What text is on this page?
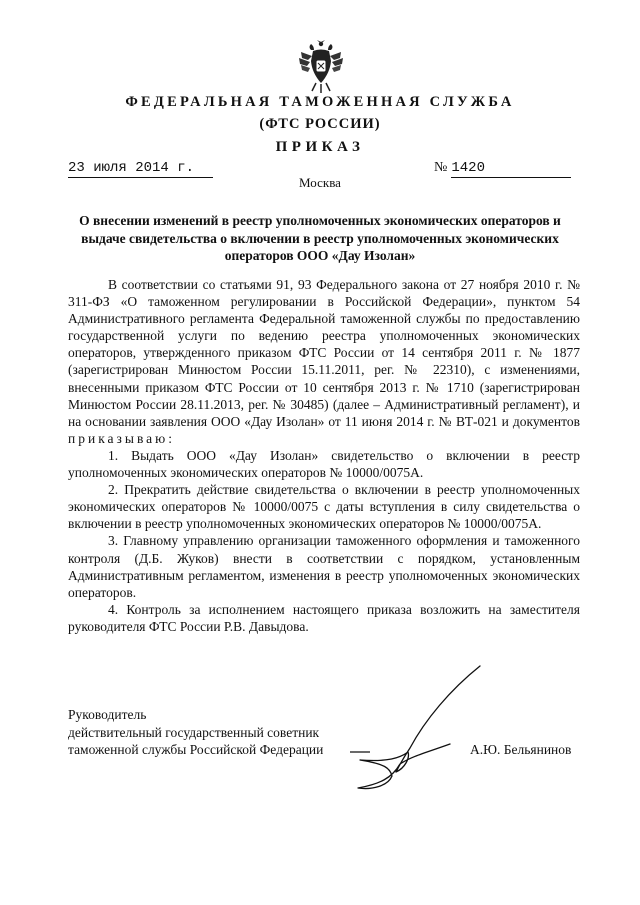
ФЕДЕРАЛЬНАЯ ТАМОЖЕННАЯ СЛУЖБА
(ФТС РОССИИ)
ПРИКАЗ
23 июля 2014 г.	№ 1420
Москва
О внесении изменений в реестр уполномоченных экономических операторов и выдаче свидетельства о включении в реестр уполномоченных экономических операторов ООО «Дау Изолан»

В соответствии со статьями 91, 93 Федерального закона от 27 ноября 2010 г. № 311-ФЗ «О таможенном регулировании в Российской Федерации», пунктом 54 Административного регламента Федеральной таможенной службы по предоставлению государственной услуги по ведению реестра уполномоченных экономических операторов, утвержденного приказом ФТС России от 14 сентября 2011 г. № 1877 (зарегистрирован Минюстом России 15.11.2011, рег. № 22310), с изменениями, внесенными приказом ФТС России от 10 сентября 2013 г. № 1710 (зарегистрирован Минюстом России 28.11.2013, рег. № 30485) (далее – Административный регламент), и на основании заявления ООО «Дау Изолан» от 11 июня 2014 г. № ВТ-021 и документов приказываю:

1. Выдать ООО «Дау Изолан» свидетельство о включении в реестр уполномоченных экономических операторов № 10000/0075А.

2. Прекратить действие свидетельства о включении в реестр уполномоченных экономических операторов № 10000/0075 с даты вступления в силу свидетельства о включении в реестр уполномоченных экономических операторов № 10000/0075А.

3. Главному управлению организации таможенного оформления и таможенного контроля (Д.Б. Жуков) внести в соответствии с порядком, установленным Административным регламентом, изменения в реестр уполномоченных экономических операторов.

4. Контроль за исполнением настоящего приказа возложить на заместителя руководителя ФТС России Р.В. Давыдова.

Руководитель
действительный государственный советник
таможенной службы Российской Федерации	А.Ю. Бельянинов
